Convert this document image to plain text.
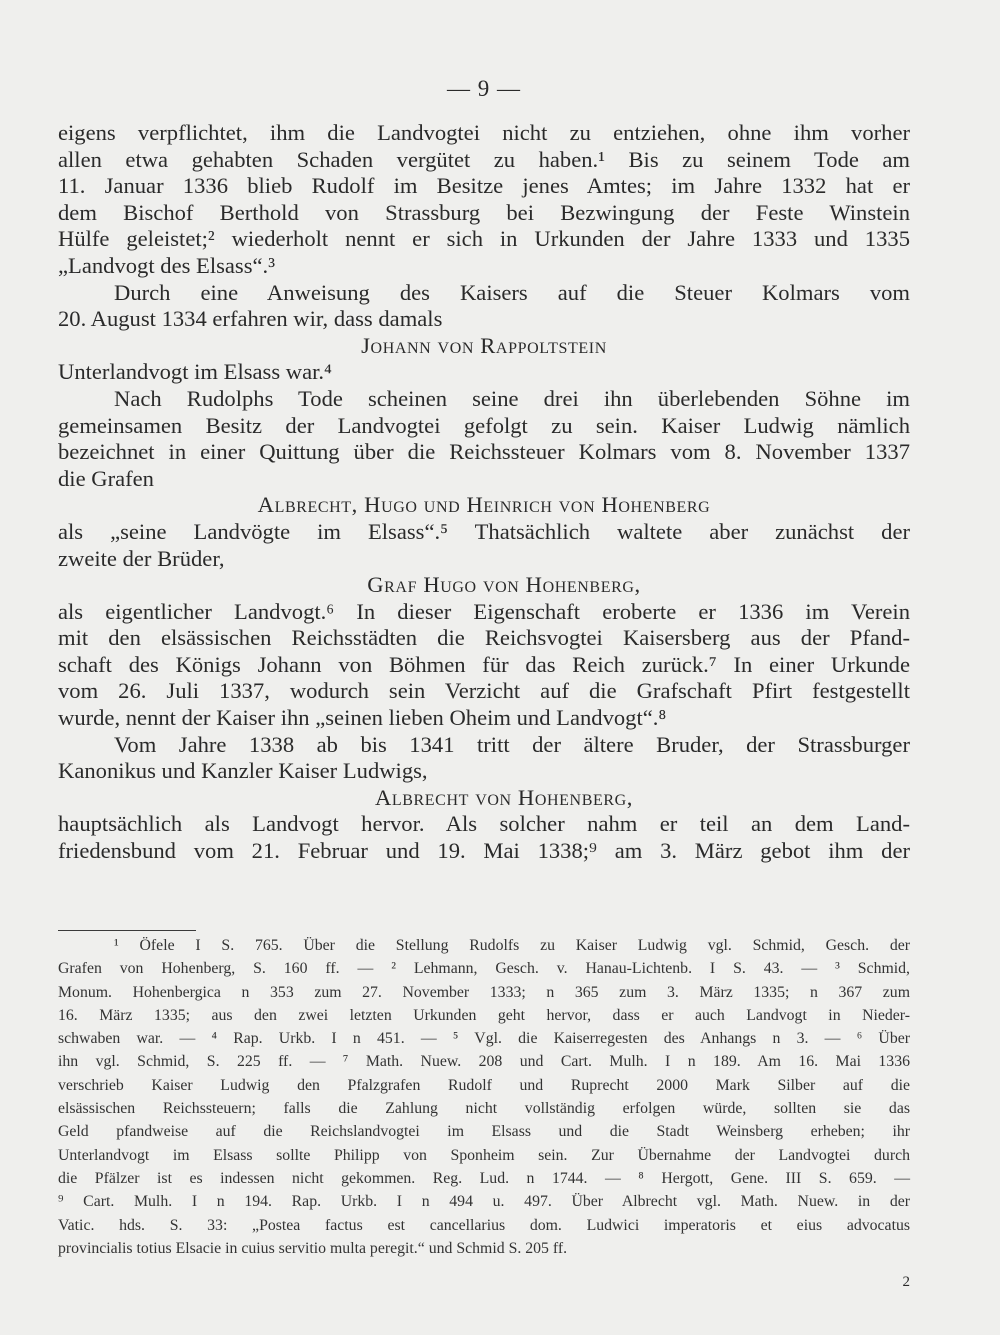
— 9 —
eigens verpflichtet, ihm die Landvogtei nicht zu entziehen, ohne ihm vorher
allen etwa gehabten Schaden vergütet zu haben.¹ Bis zu seinem Tode am
11. Januar 1336 blieb Rudolf im Besitze jenes Amtes; im Jahre 1332 hat er
dem Bischof Berthold von Strassburg bei Bezwingung der Feste Winstein
Hülfe geleistet;² wiederholt nennt er sich in Urkunden der Jahre 1333 und 1335
„Landvogt des Elsass“.³
Durch eine Anweisung des Kaisers auf die Steuer Kolmars vom
20. August 1334 erfahren wir, dass damals
Johann von Rappoltstein
Unterlandvogt im Elsass war.⁴
Nach Rudolphs Tode scheinen seine drei ihn überlebenden Söhne im
gemeinsamen Besitz der Landvogtei gefolgt zu sein. Kaiser Ludwig nämlich
bezeichnet in einer Quittung über die Reichssteuer Kolmars vom 8. November 1337
die Grafen
Albrecht, Hugo und Heinrich von Hohenberg
als „seine Landvögte im Elsass“.⁵ Thatsächlich waltete aber zunächst der
zweite der Brüder,
Graf Hugo von Hohenberg,
als eigentlicher Landvogt.⁶ In dieser Eigenschaft eroberte er 1336 im Verein
mit den elsässischen Reichsstädten die Reichsvogtei Kaisersberg aus der Pfand-
schaft des Königs Johann von Böhmen für das Reich zurück.⁷ In einer Urkunde
vom 26. Juli 1337, wodurch sein Verzicht auf die Grafschaft Pfirt festgestellt
wurde, nennt der Kaiser ihn „seinen lieben Oheim und Landvogt“.⁸
Vom Jahre 1338 ab bis 1341 tritt der ältere Bruder, der Strassburger
Kanonikus und Kanzler Kaiser Ludwigs,
Albrecht von Hohenberg,
hauptsächlich als Landvogt hervor. Als solcher nahm er teil an dem Land-
friedensbund vom 21. Februar und 19. Mai 1338;⁹ am 3. März gebot ihm der
¹ Öfele I S. 765. Über die Stellung Rudolfs zu Kaiser Ludwig vgl. Schmid, Gesch. der
Grafen von Hohenberg, S. 160 ff. — ² Lehmann, Gesch. v. Hanau-Lichtenb. I S. 43. — ³ Schmid,
Monum. Hohenbergica n 353 zum 27. November 1333; n 365 zum 3. März 1335; n 367 zum
16. März 1335; aus den zwei letzten Urkunden geht hervor, dass er auch Landvogt in Nieder-
schwaben war. — ⁴ Rap. Urkb. I n 451. — ⁵ Vgl. die Kaiserregesten des Anhangs n 3. — ⁶ Über
ihn vgl. Schmid, S. 225 ff. — ⁷ Math. Nuew. 208 und Cart. Mulh. I n 189. Am 16. Mai 1336
verschrieb Kaiser Ludwig den Pfalzgrafen Rudolf und Ruprecht 2000 Mark Silber auf die
elsässischen Reichssteuern; falls die Zahlung nicht vollständig erfolgen würde, sollten sie das
Geld pfandweise auf die Reichslandvogtei im Elsass und die Stadt Weinsberg erheben; ihr
Unterlandvogt im Elsass sollte Philipp von Sponheim sein. Zur Übernahme der Landvogtei durch
die Pfälzer ist es indessen nicht gekommen. Reg. Lud. n 1744. — ⁸ Hergott, Gene. III S. 659. —
⁹ Cart. Mulh. I n 194. Rap. Urkb. I n 494 u. 497. Über Albrecht vgl. Math. Nuew. in der
Vatic. hds. S. 33: „Postea factus est cancellarius dom. Ludwici imperatoris et eius advocatus
provincialis totius Elsacie in cuius servitio multa peregit.“ und Schmid S. 205 ff.
2
